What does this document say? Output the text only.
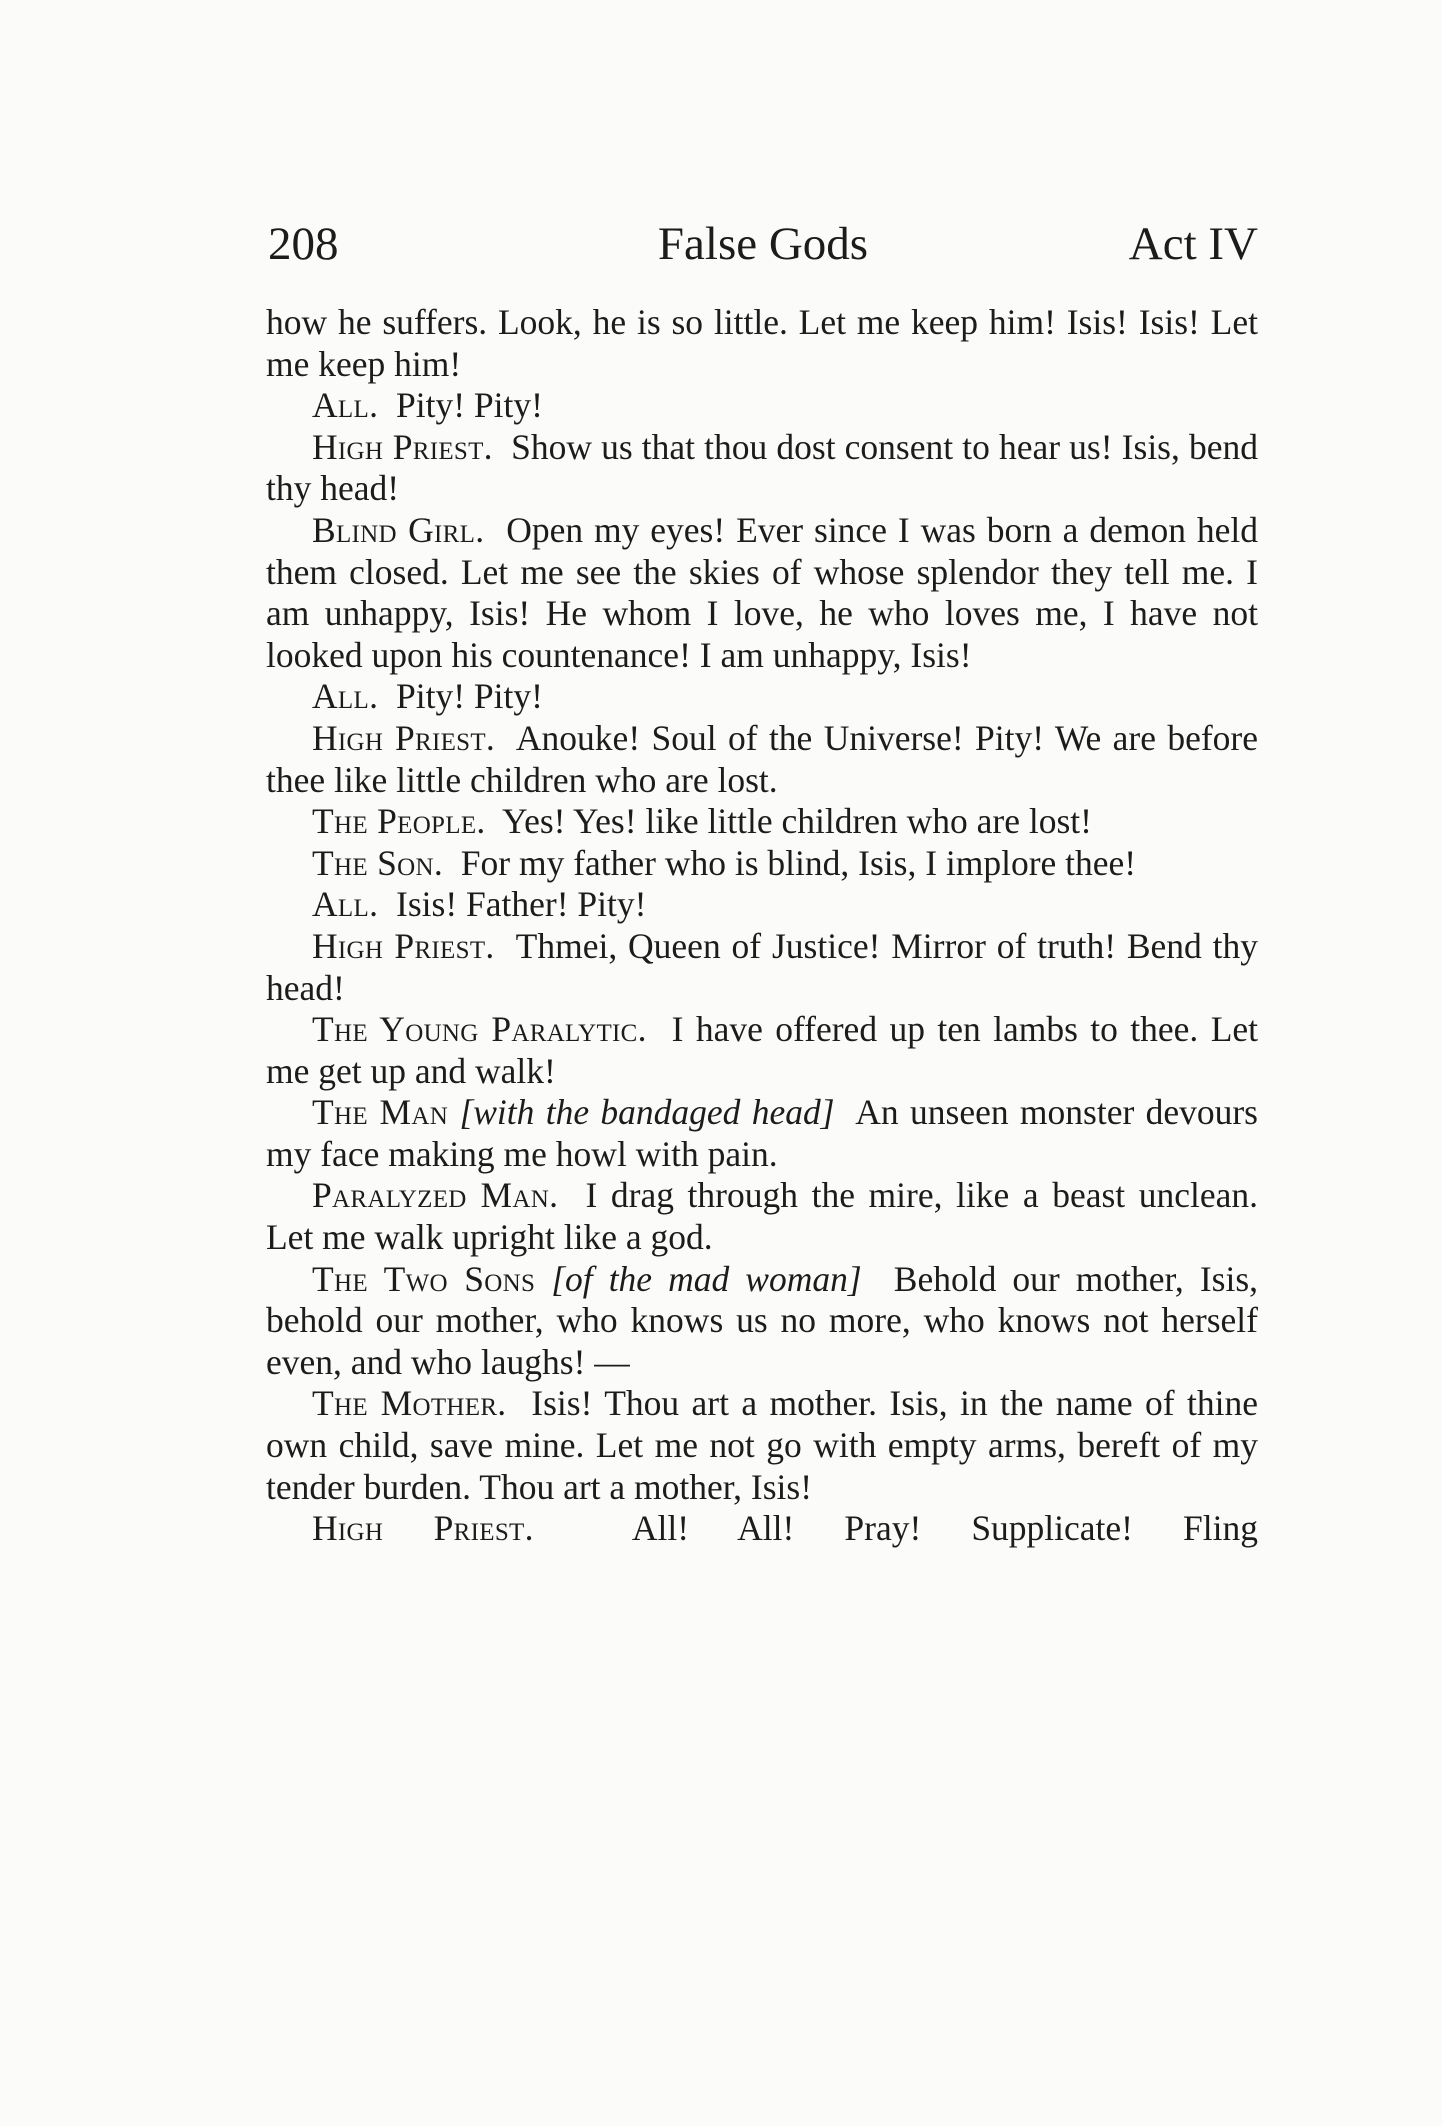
208	False Gods	Act IV

how he suffers. Look, he is so little. Let me keep him! Isis! Isis! Let me keep him!

All. Pity! Pity!

High Priest. Show us that thou dost consent to hear us! Isis, bend thy head!

Blind Girl. Open my eyes! Ever since I was born a demon held them closed. Let me see the skies of whose splendor they tell me. I am unhappy, Isis! He whom I love, he who loves me, I have not looked upon his countenance! I am unhappy, Isis!

All. Pity! Pity!

High Priest. Anouke! Soul of the Universe! Pity! We are before thee like little children who are lost.

The People. Yes! Yes! like little children who are lost!

The Son. For my father who is blind, Isis, I implore thee!

All. Isis! Father! Pity!

High Priest. Thmei, Queen of Justice! Mirror of truth! Bend thy head!

The Young Paralytic. I have offered up ten lambs to thee. Let me get up and walk!

The Man [with the bandaged head] An unseen monster devours my face making me howl with pain.

Paralyzed Man. I drag through the mire, like a beast unclean. Let me walk upright like a god.

The Two Sons [of the mad woman] Behold our mother, Isis, behold our mother, who knows us no more, who knows not herself even, and who laughs! —

The Mother. Isis! Thou art a mother. Isis, in the name of thine own child, save mine. Let me not go with empty arms, bereft of my tender burden. Thou art a mother, Isis!

High Priest.	All! All! Pray! Supplicate! Fling
